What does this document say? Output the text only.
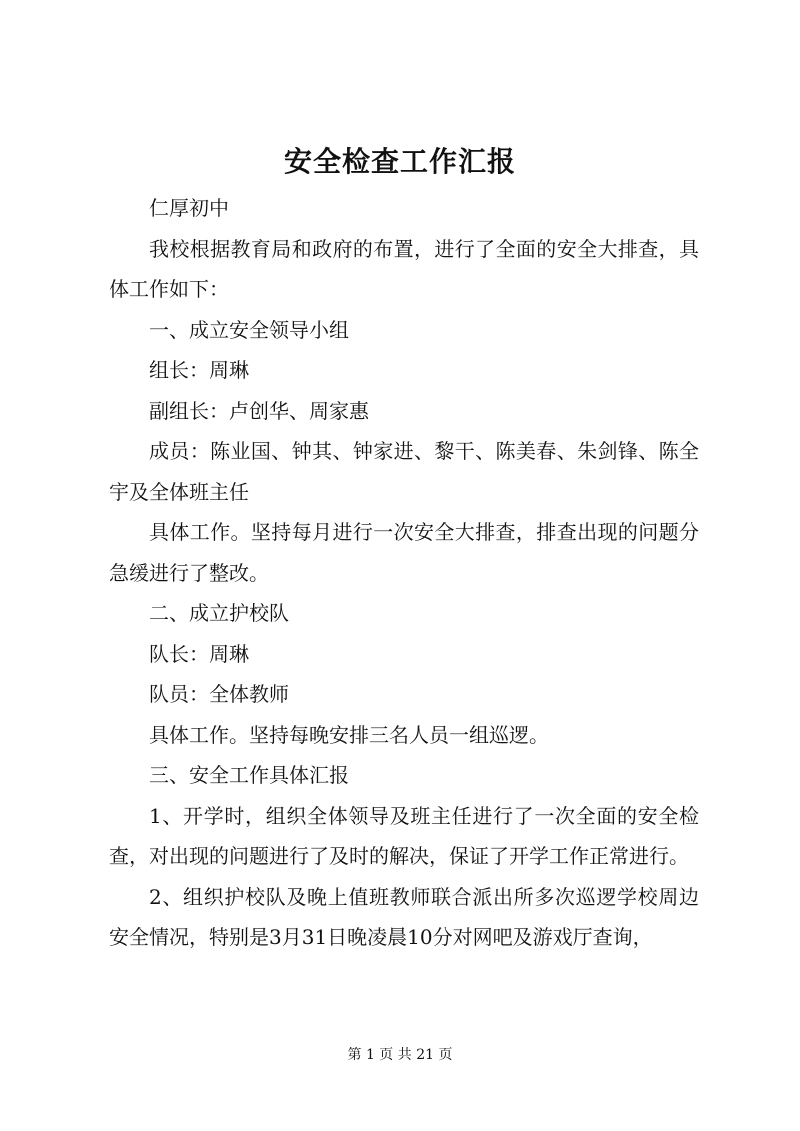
安全检查工作汇报

仁厚初中

我校根据教育局和政府的布置，进行了全面的安全大排查，具体工作如下：

一、成立安全领导小组

组长：周琳

副组长：卢创华、周家惠

成员：陈业国、钟其、钟家进、黎干、陈美春、朱剑锋、陈全宇及全体班主任

具体工作。坚持每月进行一次安全大排查，排查出现的问题分急缓进行了整改。

二、成立护校队

队长：周琳

队员：全体教师

具体工作。坚持每晚安排三名人员一组巡逻。

三、安全工作具体汇报

1、开学时，组织全体领导及班主任进行了一次全面的安全检查，对出现的问题进行了及时的解决，保证了开学工作正常进行。

2、组织护校队及晚上值班教师联合派出所多次巡逻学校周边安全情况，特别是3月31日晚凌晨10分对网吧及游戏厅查询，

第 1 页 共 21 页
